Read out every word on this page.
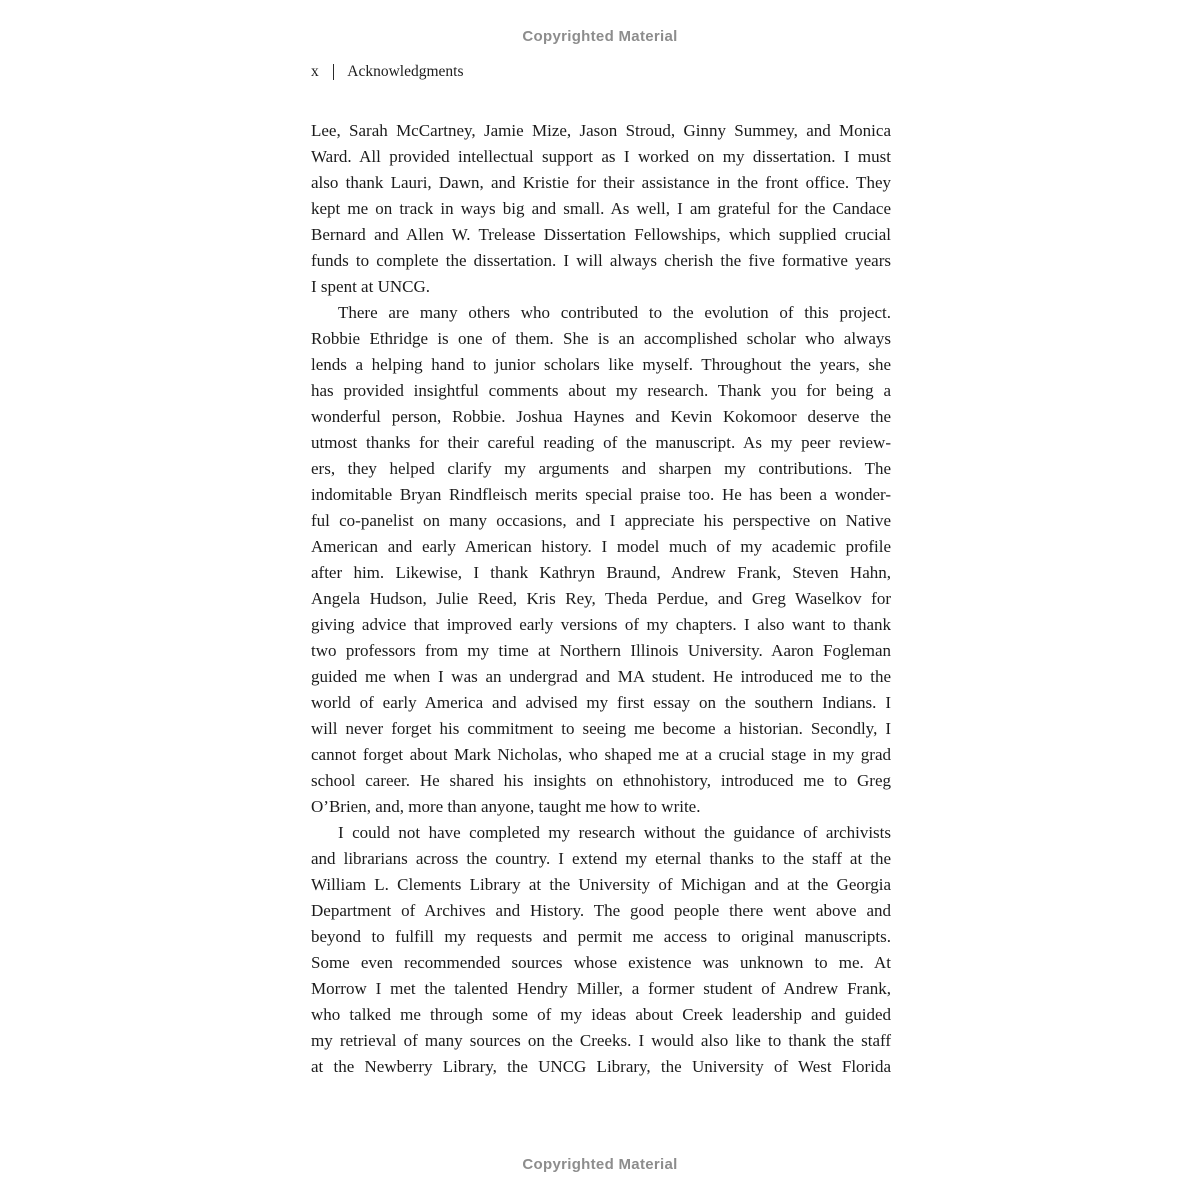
Copyrighted Material
x Acknowledgments
Lee, Sarah McCartney, Jamie Mize, Jason Stroud, Ginny Summey, and Monica
Ward. All provided intellectual support as I worked on my dissertation. I must
also thank Lauri, Dawn, and Kristie for their assistance in the front office. They
kept me on track in ways big and small. As well, I am grateful for the Candace
Bernard and Allen W. Trelease Dissertation Fellowships, which supplied crucial
funds to complete the dissertation. I will always cherish the five formative years
I spent at UNCG.
There are many others who contributed to the evolution of this project.
Robbie Ethridge is one of them. She is an accomplished scholar who always
lends a helping hand to junior scholars like myself. Throughout the years, she
has provided insightful comments about my research. Thank you for being a
wonderful person, Robbie. Joshua Haynes and Kevin Kokomoor deserve the
utmost thanks for their careful reading of the manuscript. As my peer review-
ers, they helped clarify my arguments and sharpen my contributions. The
indomitable Bryan Rindfleisch merits special praise too. He has been a wonder-
ful co-panelist on many occasions, and I appreciate his perspective on Native
American and early American history. I model much of my academic profile
after him. Likewise, I thank Kathryn Braund, Andrew Frank, Steven Hahn,
Angela Hudson, Julie Reed, Kris Rey, Theda Perdue, and Greg Waselkov for
giving advice that improved early versions of my chapters. I also want to thank
two professors from my time at Northern Illinois University. Aaron Fogleman
guided me when I was an undergrad and MA student. He introduced me to the
world of early America and advised my first essay on the southern Indians. I
will never forget his commitment to seeing me become a historian. Secondly, I
cannot forget about Mark Nicholas, who shaped me at a crucial stage in my grad
school career. He shared his insights on ethnohistory, introduced me to Greg
O’Brien, and, more than anyone, taught me how to write.
I could not have completed my research without the guidance of archivists
and librarians across the country. I extend my eternal thanks to the staff at the
William L. Clements Library at the University of Michigan and at the Georgia
Department of Archives and History. The good people there went above and
beyond to fulfill my requests and permit me access to original manuscripts.
Some even recommended sources whose existence was unknown to me. At
Morrow I met the talented Hendry Miller, a former student of Andrew Frank,
who talked me through some of my ideas about Creek leadership and guided
my retrieval of many sources on the Creeks. I would also like to thank the staff
at the Newberry Library, the UNCG Library, the University of West Florida
Copyrighted Material
